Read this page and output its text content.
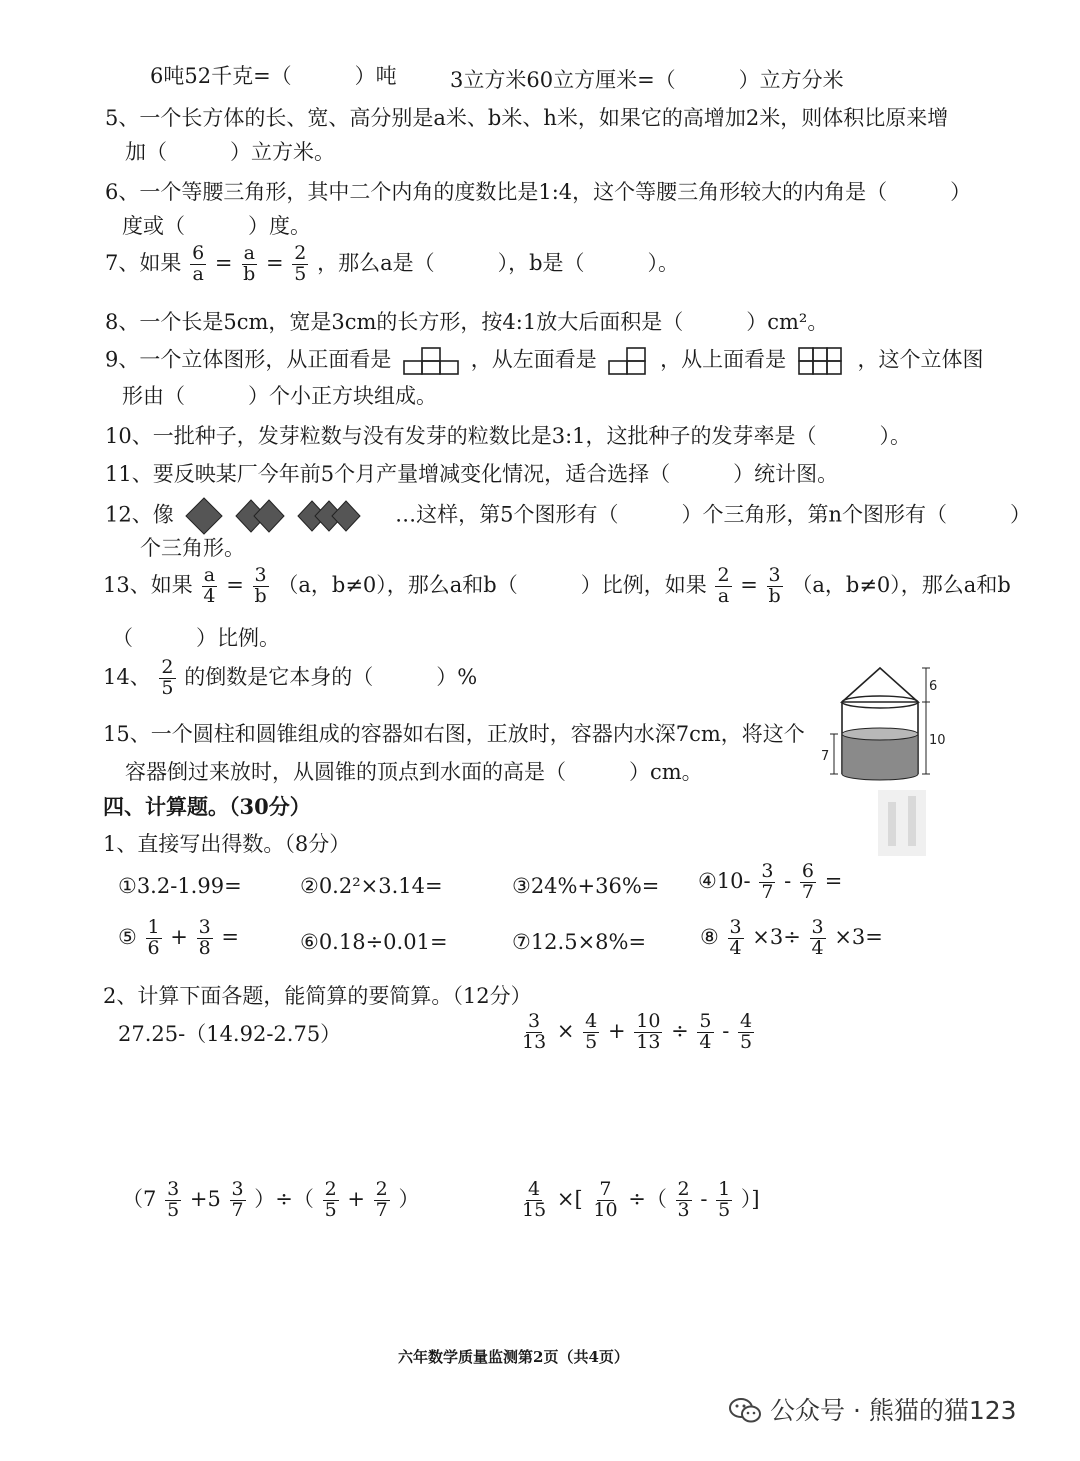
6吨52千克=（　　　）吨	3立方米60立方厘米=（　　　）立方分米
5、一个长方体的长、宽、高分别是a米、b米、h米，如果它的高增加2米，则体积比原来增
加（　　　）立方米。
6、一个等腰三角形，其中二个内角的度数比是1:4，这个等腰三角形较大的内角是（　　　）
度或（　　　）度。
7、如果 $\frac{6}{a} = \frac{a}{b} = \frac{2}{5}$ ，那么a是（　　　），b是（　　　）。
8、一个长是5cm，宽是3cm的长方形，按4:1放大后面积是（　　　）cm²。
9、一个立体图形，从正面看是	，从左面看是	，从上面看是	，这个立体图
形由（　　　）个小正方块组成。
10、一批种子，发芽粒数与没有发芽的粒数比是3:1，这批种子的发芽率是（　　　）。
11、要反映某厂今年前5个月产量增减变化情况，适合选择（　　　）统计图。
12、像	…这样，第5个图形有（　　　）个三角形，第n个图形有（　　　）
个三角形。
13、如果 $\frac{a}{4} = \frac{3}{b} (a$，b≠0），那么a和b（　　　）比例，如果 $\frac{2}{a} = \frac{3}{b} (a$，b≠0），那么a和b
（　　　）比例。
14、 $\frac{2}{5}$ 的倒数是它本身的（　　　）%
15、一个圆柱和圆锥组成的容器如右图，正放时，容器内水深7cm，将这个
容器倒过来放时，从圆锥的顶点到水面的高是（　　　）cm。
6
10
7
四、计算题。（30分）
1、直接写出得数。（8分）
①3.2-1.99=	②0.2²×3.14=	③24%+36%= ④10- $\frac{3}{7} - \frac{6}{7}$ =
⑤ $\frac{1}{6} + \frac{3}{8}$ =	⑥0.18÷0.01=	⑦12.5×8%=	⑧ $\frac{3}{4} \times 3\div \frac{3}{4} \times 3=$
2、计算下面各题，能简算的要简算。（12分）
27.25-（14.92-2.75）	$\frac{3}{13} \times \frac{4}{5} + \frac{10}{13} \div \frac{5}{4} - \frac{4}{5}$
（$7 \frac{3}{5} +5 \frac{3}{7}$ ）÷（ $\frac{2}{5} + \frac{2}{7}$ ）	$\frac{4}{15}$ ×[ $\frac{7}{10}$ ÷（ $\frac{2}{3} - \frac{1}{5}$ ）]
六年数学质量监测第2页（共4页）
公众号 · 熊猫的猫123
